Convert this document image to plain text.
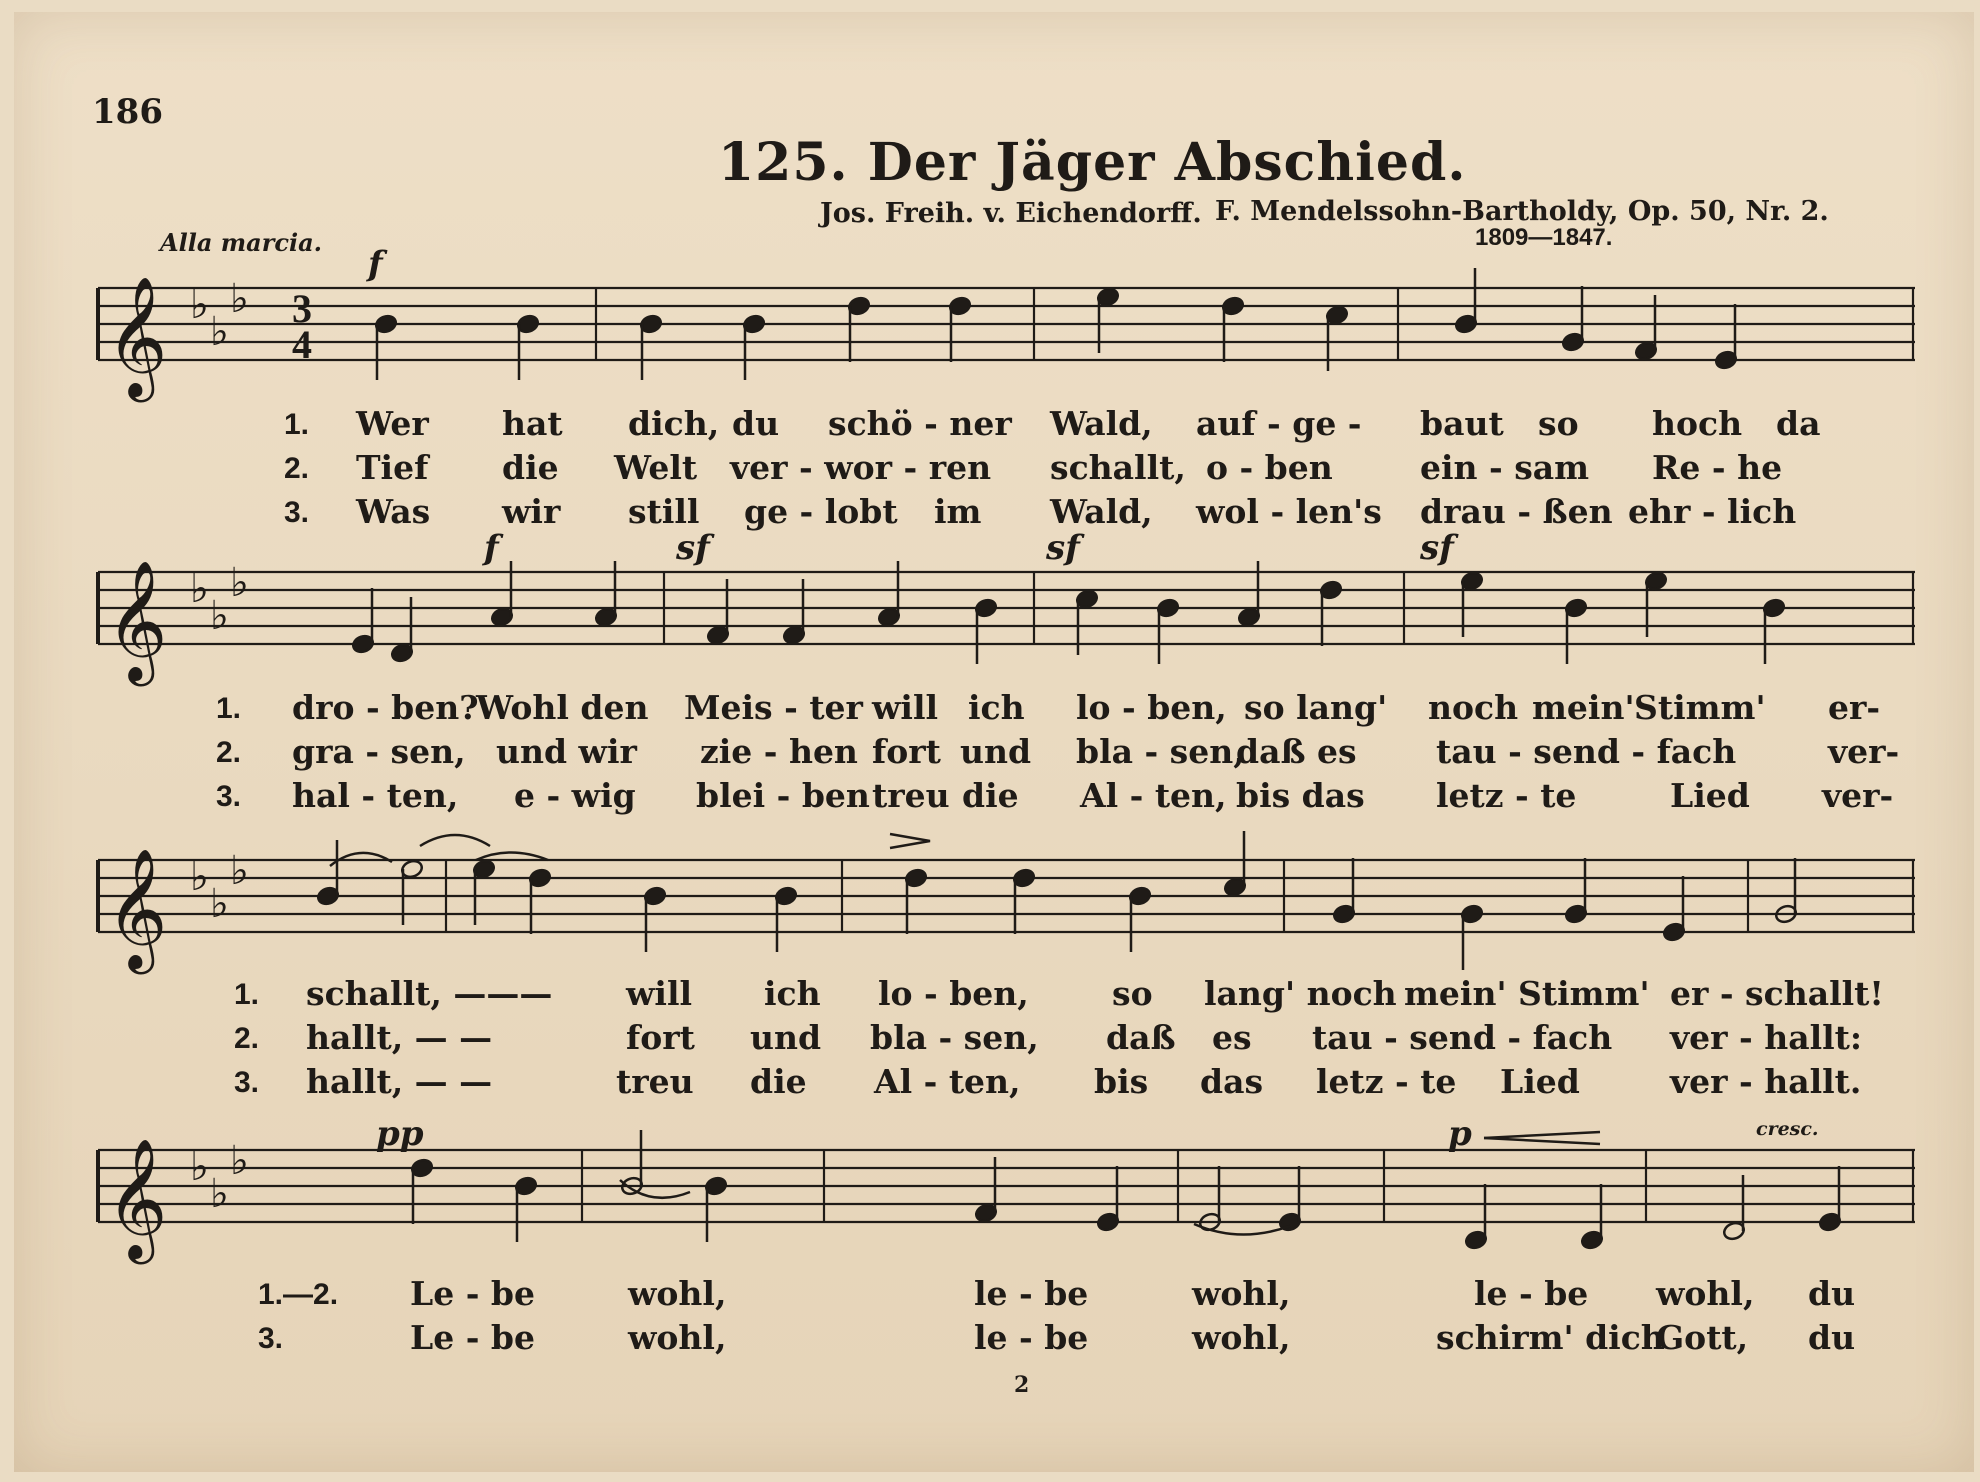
186
125. Der Jäger Abschied.
Jos. Freih. v. Eichendorff. F. Mendelssohn-Bartholdy, Op. 50, Nr. 2.
1809—1847.
Alla marcia.
f
f	sf	sf	sf
pp	p	cresc.
𝄞
𝄞
𝄞
𝄞
♭
♭
♭
♭
♭
♭
♭
♭
♭
♭
♭
♭
3
4
1.
2.
3.
Wer hat dich, du schö - ner Wald, auf - ge - baut so hoch da
Tief die Welt ver - wor - ren schallt, o - ben	ein - sam Re - he
Was wir still ge - lobt im Wald, wol - len's drau - ßen ehr - lich
1.
2.
3.
dro - ben?
Wohl den Meis - ter will ich lo - ben, so lang' noch mein' Stimm' er-
gra - sen, und wir zie - hen fort und bla - sen,
daß es tau - send - fach	ver-
hal - ten, e - wig blei - ben treu die Al - ten, bis das letz - te	Lied ver-
1.
2.
3.
schallt, ——— will ich lo - ben,	so lang' noch mein' Stimm' er - schallt!
hallt, — —	fort und bla - sen, daß es tau - send - fach ver - hallt:
hallt, — —	treu die Al - ten, bis das letz - te Lied	ver - hallt.
1.—2.
3.
Le - be	wohl,	le - be	wohl,	le - be wohl, du
Le - be	wohl,	le - be	wohl,	schirm' dich
Gott, du
2
